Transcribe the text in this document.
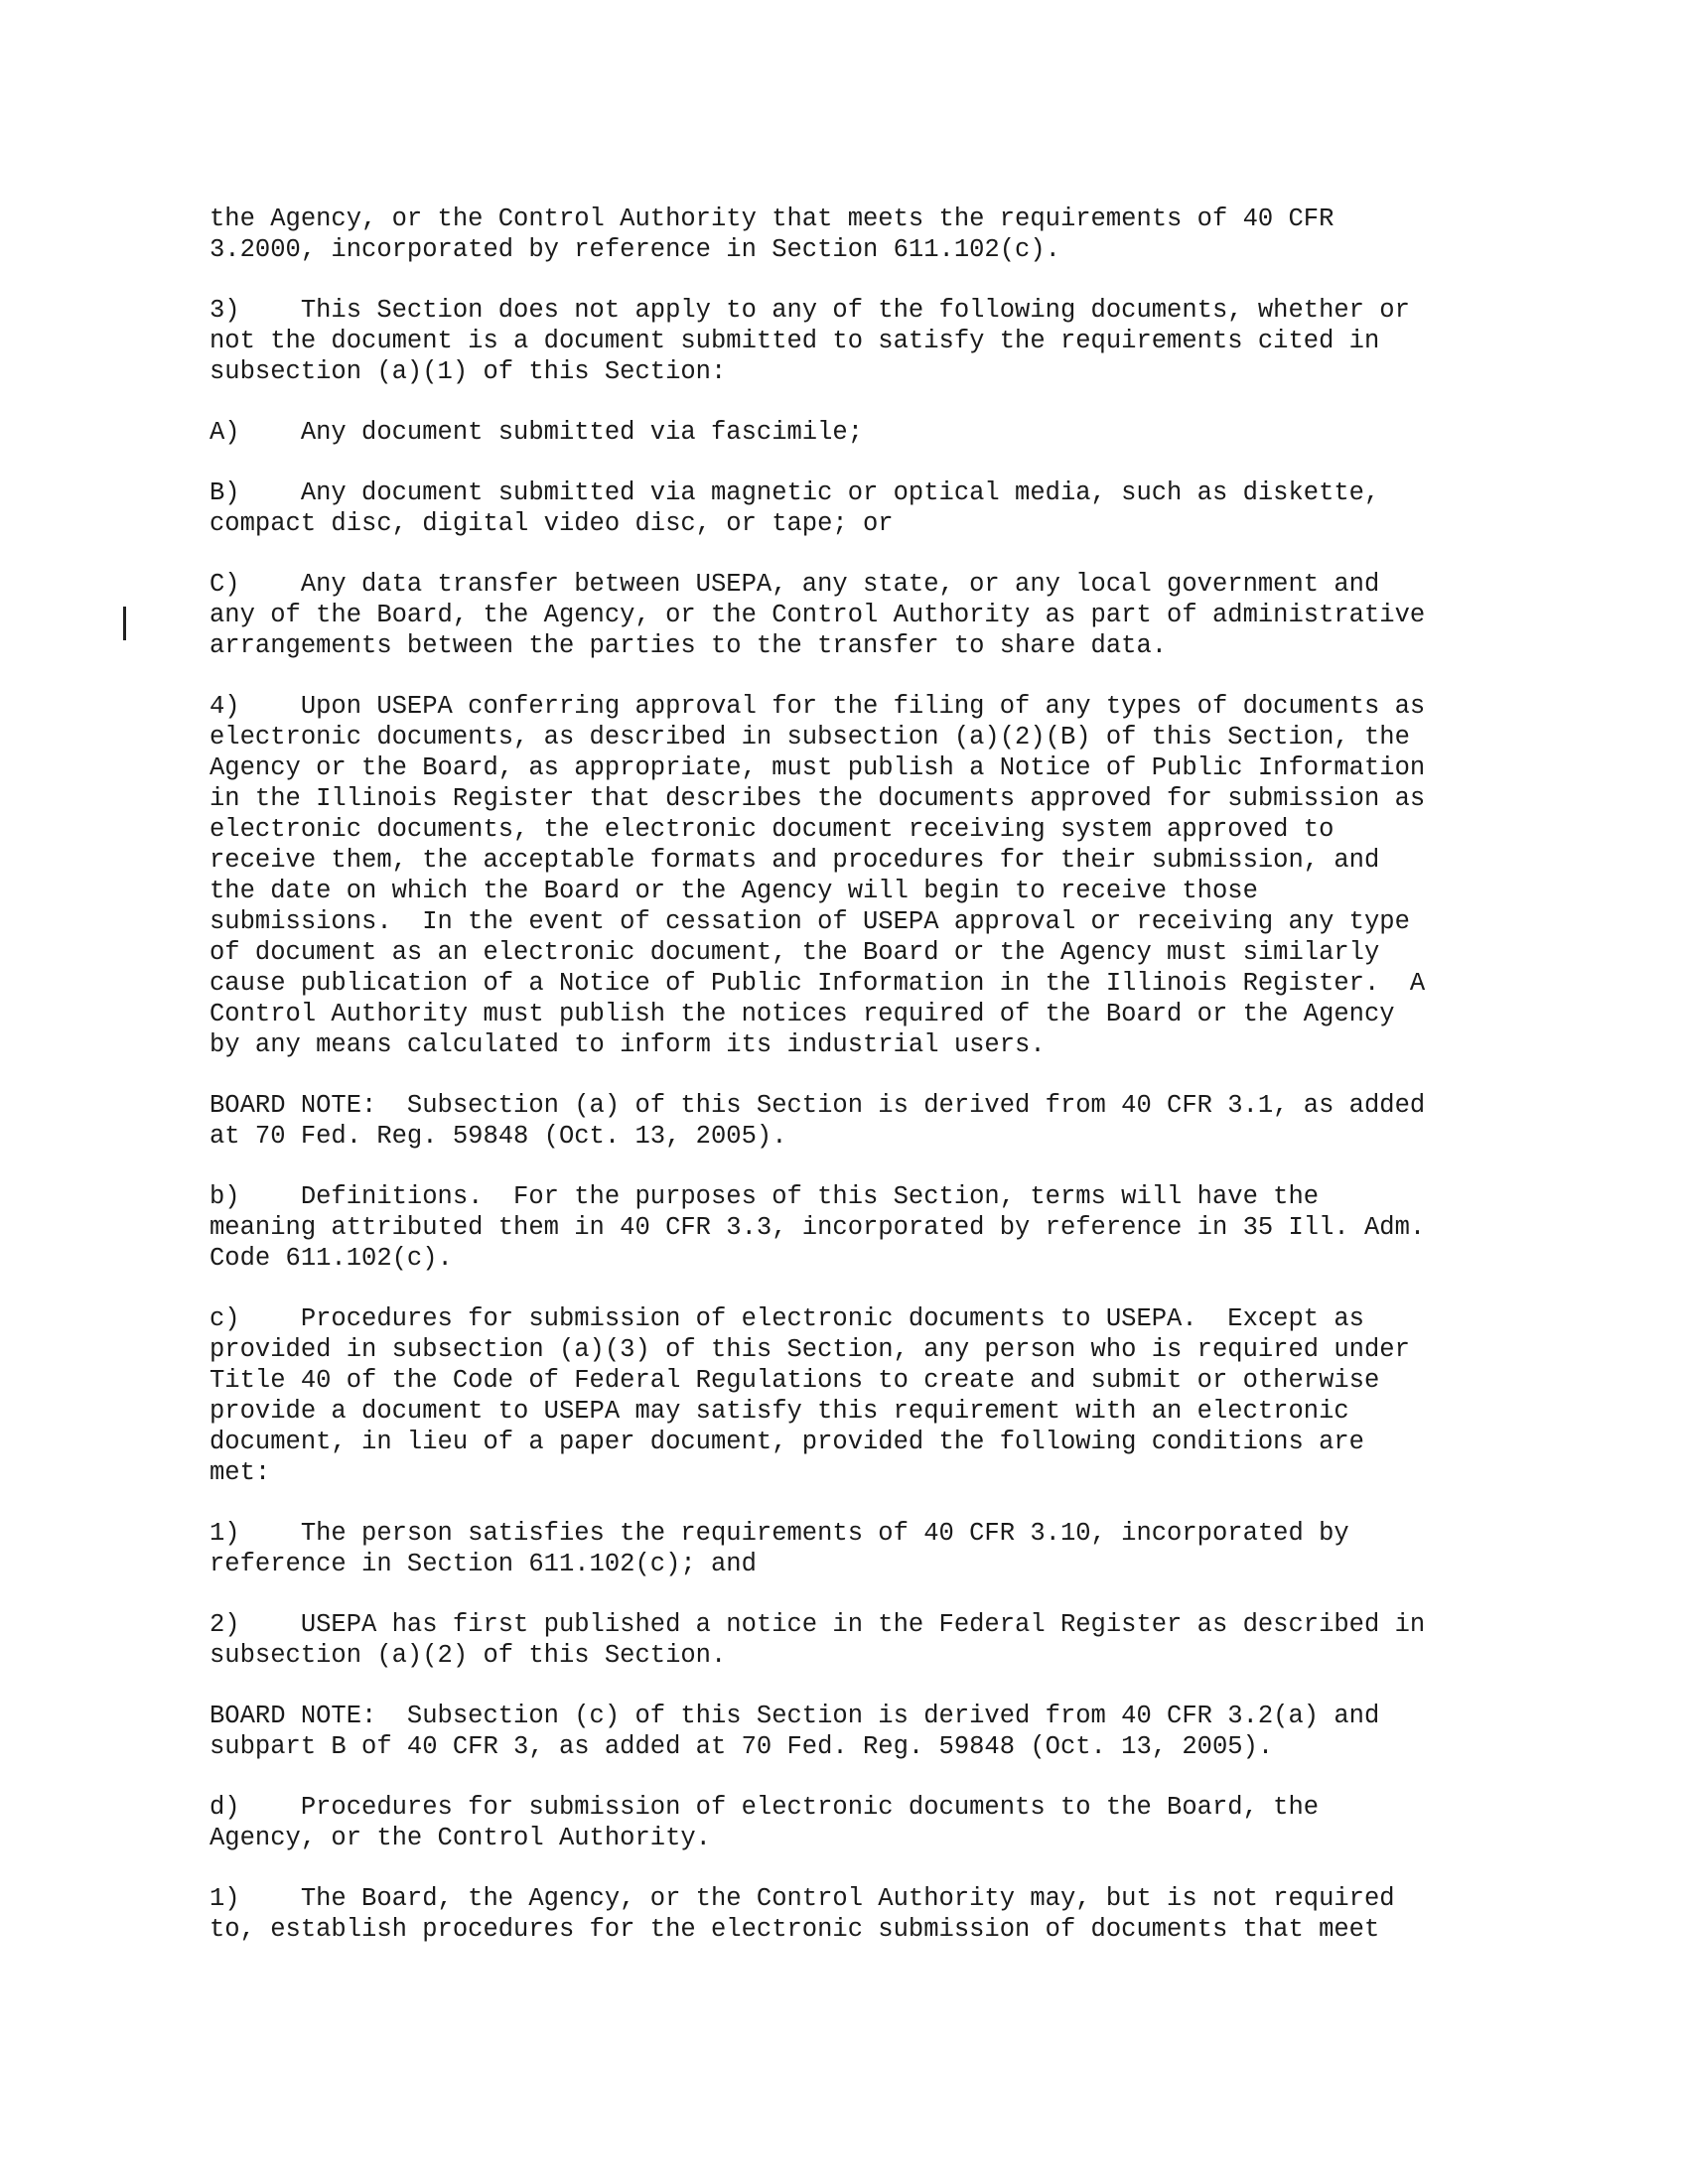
the Agency, or the Control Authority that meets the requirements of 40 CFR
3.2000, incorporated by reference in Section 611.102(c).
3)    This Section does not apply to any of the following documents, whether or
not the document is a document submitted to satisfy the requirements cited in
subsection (a)(1) of this Section:
A)    Any document submitted via fascimile;
B)    Any document submitted via magnetic or optical media, such as diskette,
compact disc, digital video disc, or tape; or
C)    Any data transfer between USEPA, any state, or any local government and
any of the Board, the Agency, or the Control Authority as part of administrative
arrangements between the parties to the transfer to share data.
4)    Upon USEPA conferring approval for the filing of any types of documents as
electronic documents, as described in subsection (a)(2)(B) of this Section, the
Agency or the Board, as appropriate, must publish a Notice of Public Information
in the Illinois Register that describes the documents approved for submission as
electronic documents, the electronic document receiving system approved to
receive them, the acceptable formats and procedures for their submission, and
the date on which the Board or the Agency will begin to receive those
submissions.  In the event of cessation of USEPA approval or receiving any type
of document as an electronic document, the Board or the Agency must similarly
cause publication of a Notice of Public Information in the Illinois Register.  A
Control Authority must publish the notices required of the Board or the Agency
by any means calculated to inform its industrial users.
BOARD NOTE:  Subsection (a) of this Section is derived from 40 CFR 3.1, as added
at 70 Fed. Reg. 59848 (Oct. 13, 2005).
b)    Definitions.  For the purposes of this Section, terms will have the
meaning attributed them in 40 CFR 3.3, incorporated by reference in 35 Ill. Adm.
Code 611.102(c).
c)    Procedures for submission of electronic documents to USEPA.  Except as
provided in subsection (a)(3) of this Section, any person who is required under
Title 40 of the Code of Federal Regulations to create and submit or otherwise
provide a document to USEPA may satisfy this requirement with an electronic
document, in lieu of a paper document, provided the following conditions are
met:
1)    The person satisfies the requirements of 40 CFR 3.10, incorporated by
reference in Section 611.102(c); and
2)    USEPA has first published a notice in the Federal Register as described in
subsection (a)(2) of this Section.
BOARD NOTE:  Subsection (c) of this Section is derived from 40 CFR 3.2(a) and
subpart B of 40 CFR 3, as added at 70 Fed. Reg. 59848 (Oct. 13, 2005).
d)    Procedures for submission of electronic documents to the Board, the
Agency, or the Control Authority.
1)    The Board, the Agency, or the Control Authority may, but is not required
to, establish procedures for the electronic submission of documents that meet
